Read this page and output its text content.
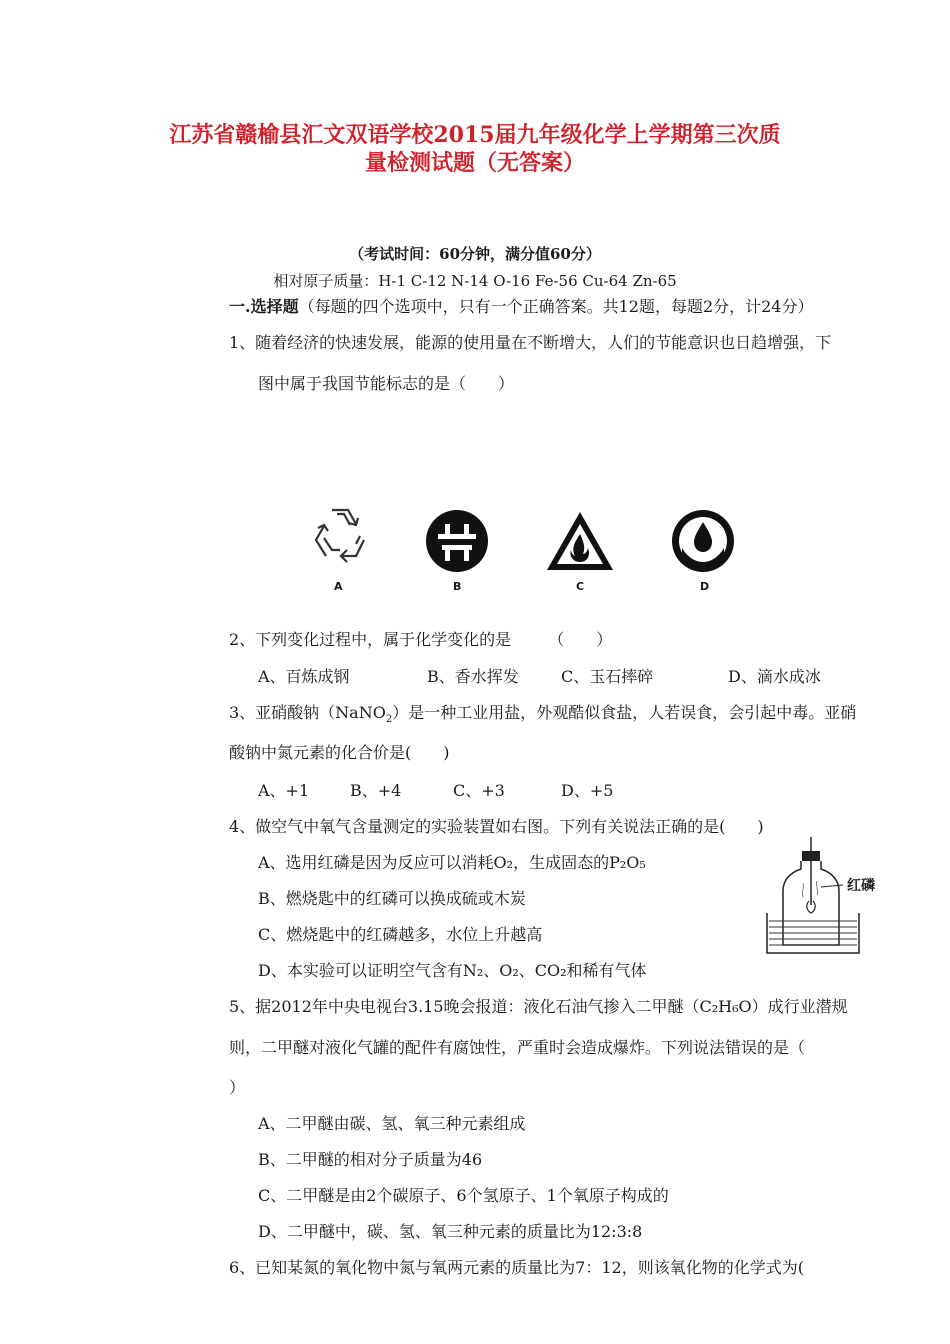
江苏省赣榆县汇文双语学校2015届九年级化学上学期第三次质
量检测试题（无答案）
（考试时间：60分钟，满分值60分）
相对原子质量：H-1 C-12 N-14 O-16 Fe-56 Cu-64 Zn-65
一.选择题（每题的四个选项中，只有一个正确答案。共12题，每题2分，计24分）
1、随着经济的快速发展，能源的使用量在不断增大，人们的节能意识也日趋增强，下
图中属于我国节能标志的是（　　）
A	B	C	D
2、下列变化过程中，属于化学变化的是　　 （　　）
A、百炼成钢	B、香水挥发	C、玉石摔碎	D、滴水成冰
3、亚硝酸钠（NaNO$_2$）是一种工业用盐，外观酷似食盐，人若误食，会引起中毒。亚硝
酸钠中氮元素的化合价是(　　)
A、+1	B、+4	C、+3	D、+5
4、做空气中氧气含量测定的实验装置如右图。下列有关说法正确的是(　　)
A、选用红磷是因为反应可以消耗O₂，生成固态的P₂O₅
B、燃烧匙中的红磷可以换成硫或木炭
C、燃烧匙中的红磷越多，水位上升越高
D、本实验可以证明空气含有N₂、O₂、CO₂和稀有气体
红磷
5、据2012年中央电视台3.15晚会报道：液化石油气掺入二甲醚（C₂H₆O）成行业潜规
则，二甲醚对液化气罐的配件有腐蚀性，严重时会造成爆炸。下列说法错误的是（
）
A、二甲醚由碳、氢、氧三种元素组成
B、二甲醚的相对分子质量为46
C、二甲醚是由2个碳原子、6个氢原子、1个氧原子构成的
D、二甲醚中，碳、氢、氧三种元素的质量比为12:3:8
6、已知某氮的氧化物中氮与氧两元素的质量比为7：12，则该氧化物的化学式为(
